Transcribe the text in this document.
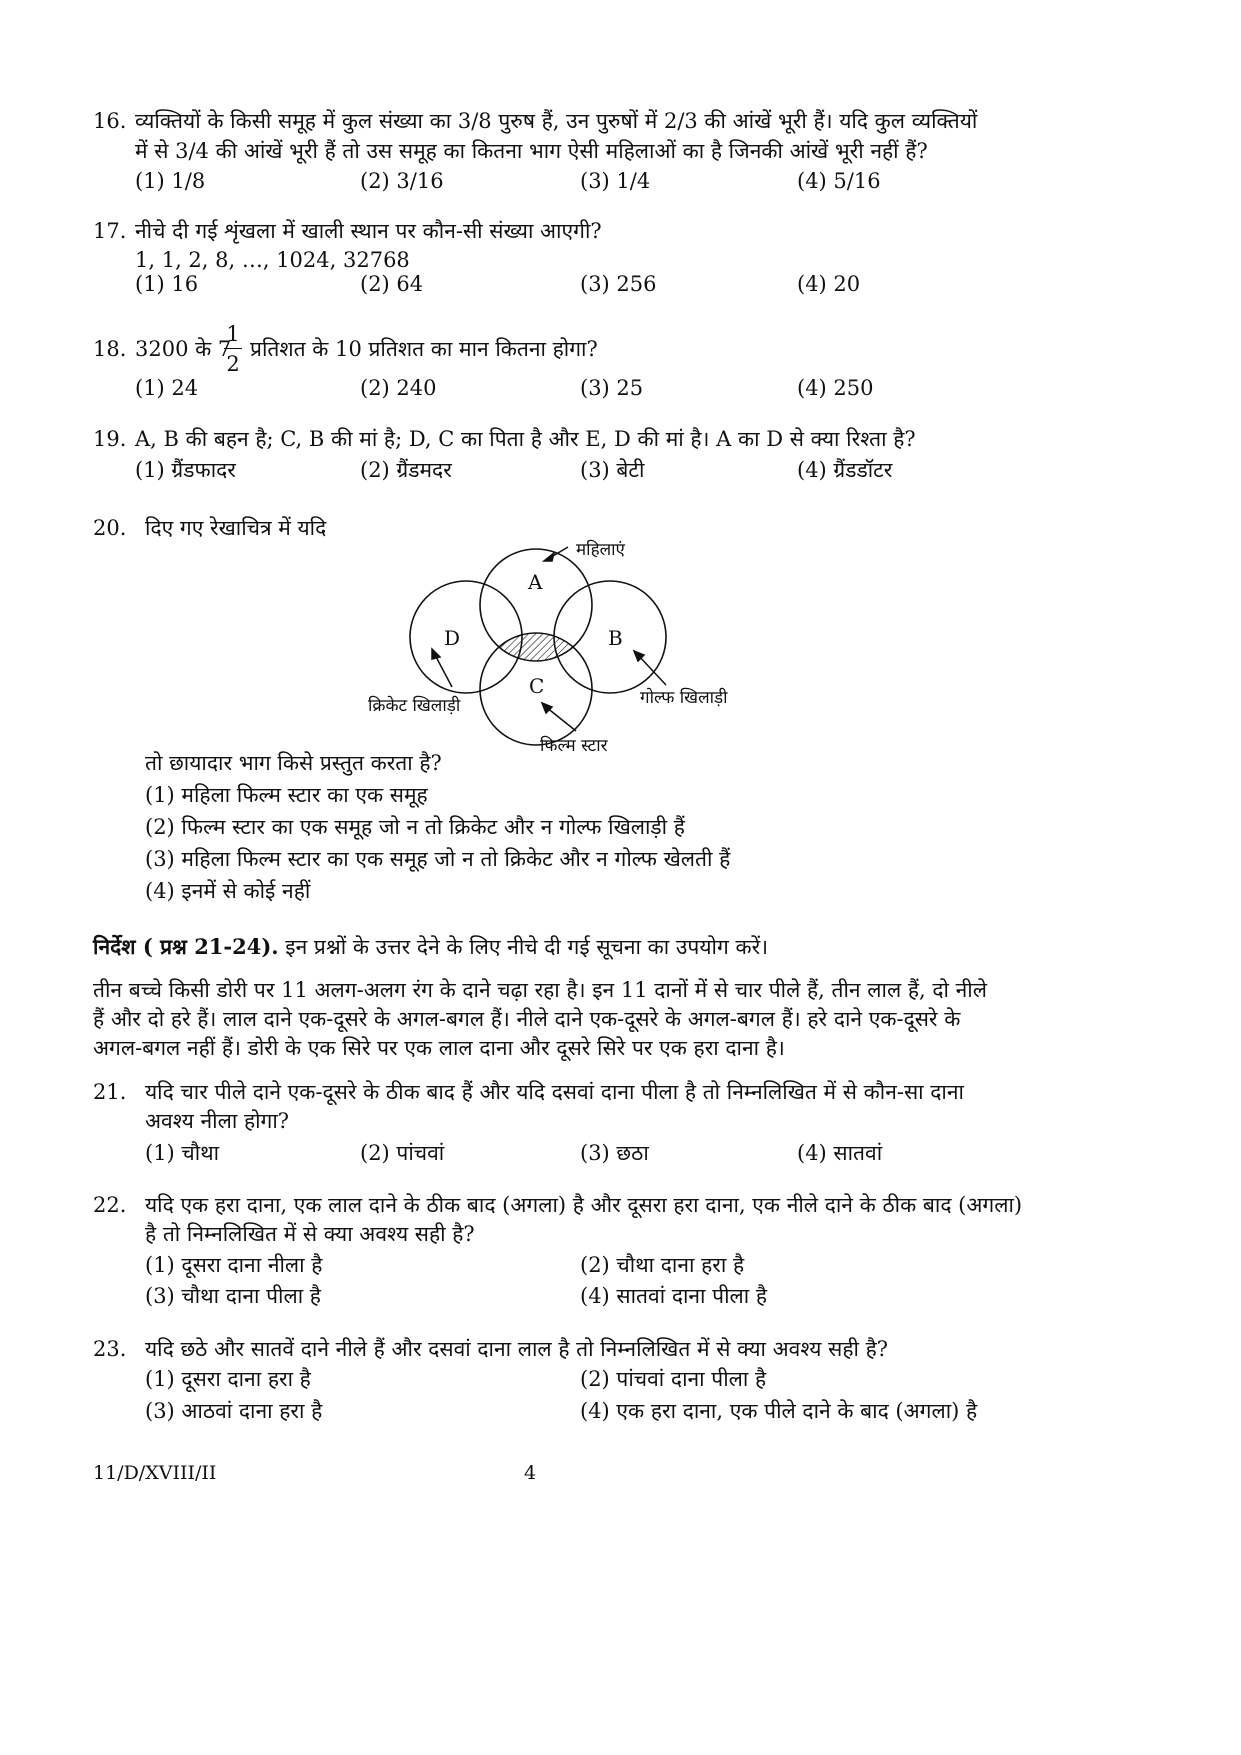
16. व्यक्तियों के किसी समूह में कुल संख्या का 3/8 पुरुष हैं, उन पुरुषों में 2/3 की आंखें भूरी हैं। यदि कुल व्यक्तियों
में से 3/4 की आंखें भूरी हैं तो उस समूह का कितना भाग ऐसी महिलाओं का है जिनकी आंखें भूरी नहीं हैं?
(1) 1/8	(2) 3/16	(3) 1/4	(4) 5/16
17. नीचे दी गई शृंखला में खाली स्थान पर कौन-सी संख्या आएगी?
1, 1, 2, 8, …, 1024, 32768
(1) 16	(2) 64	(3) 256	(4) 20
18. 3200 के 7
1
2
प्रतिशत के 10 प्रतिशत का मान कितना होगा?
(1) 24	(2) 240	(3) 25	(4) 250
19. A, B की बहन है; C, B की मां है; D, C का पिता है और E, D की मां है। A का D से क्या रिश्ता है?
(1) ग्रैंडफादर	(2) ग्रैंडमदर	(3) बेटी	(4) ग्रैंडडॉटर
20. दिए गए रेखाचित्र में यदि
A
B
C
D
महिलाएं
क्रिकेट खिलाड़ी	गोल्फ खिलाड़ी
फिल्म स्टार
तो छायादार भाग किसे प्रस्तुत करता है?
(1) महिला फिल्म स्टार का एक समूह
(2) फिल्म स्टार का एक समूह जो न तो क्रिकेट और न गोल्फ खिलाड़ी हैं
(3) महिला फिल्म स्टार का एक समूह जो न तो क्रिकेट और न गोल्फ खेलती हैं
(4) इनमें से कोई नहीं
निर्देश ( प्रश्न 21-24). इन प्रश्नों के उत्तर देने के लिए नीचे दी गई सूचना का उपयोग करें।
तीन बच्चे किसी डोरी पर 11 अलग-अलग रंग के दाने चढ़ा रहा है। इन 11 दानों में से चार पीले हैं, तीन लाल हैं, दो नीले
हैं और दो हरे हैं। लाल दाने एक-दूसरे के अगल-बगल हैं। नीले दाने एक-दूसरे के अगल-बगल हैं। हरे दाने एक-दूसरे के
अगल-बगल नहीं हैं। डोरी के एक सिरे पर एक लाल दाना और दूसरे सिरे पर एक हरा दाना है।
21. यदि चार पीले दाने एक-दूसरे के ठीक बाद हैं और यदि दसवां दाना पीला है तो निम्नलिखित में से कौन-सा दाना
अवश्य नीला होगा?
(1) चौथा	(2) पांचवां	(3) छठा	(4) सातवां
22. यदि एक हरा दाना, एक लाल दाने के ठीक बाद (अगला) है और दूसरा हरा दाना, एक नीले दाने के ठीक बाद (अगला)
है तो निम्नलिखित में से क्या अवश्य सही है?
(1) दूसरा दाना नीला है	(2) चौथा दाना हरा है
(3) चौथा दाना पीला है	(4) सातवां दाना पीला है
23. यदि छठे और सातवें दाने नीले हैं और दसवां दाना लाल है तो निम्नलिखित में से क्या अवश्य सही है?
(1) दूसरा दाना हरा है	(2) पांचवां दाना पीला है
(3) आठवां दाना हरा है	(4) एक हरा दाना, एक पीले दाने के बाद (अगला) है
11/D/XVIII/II	4
